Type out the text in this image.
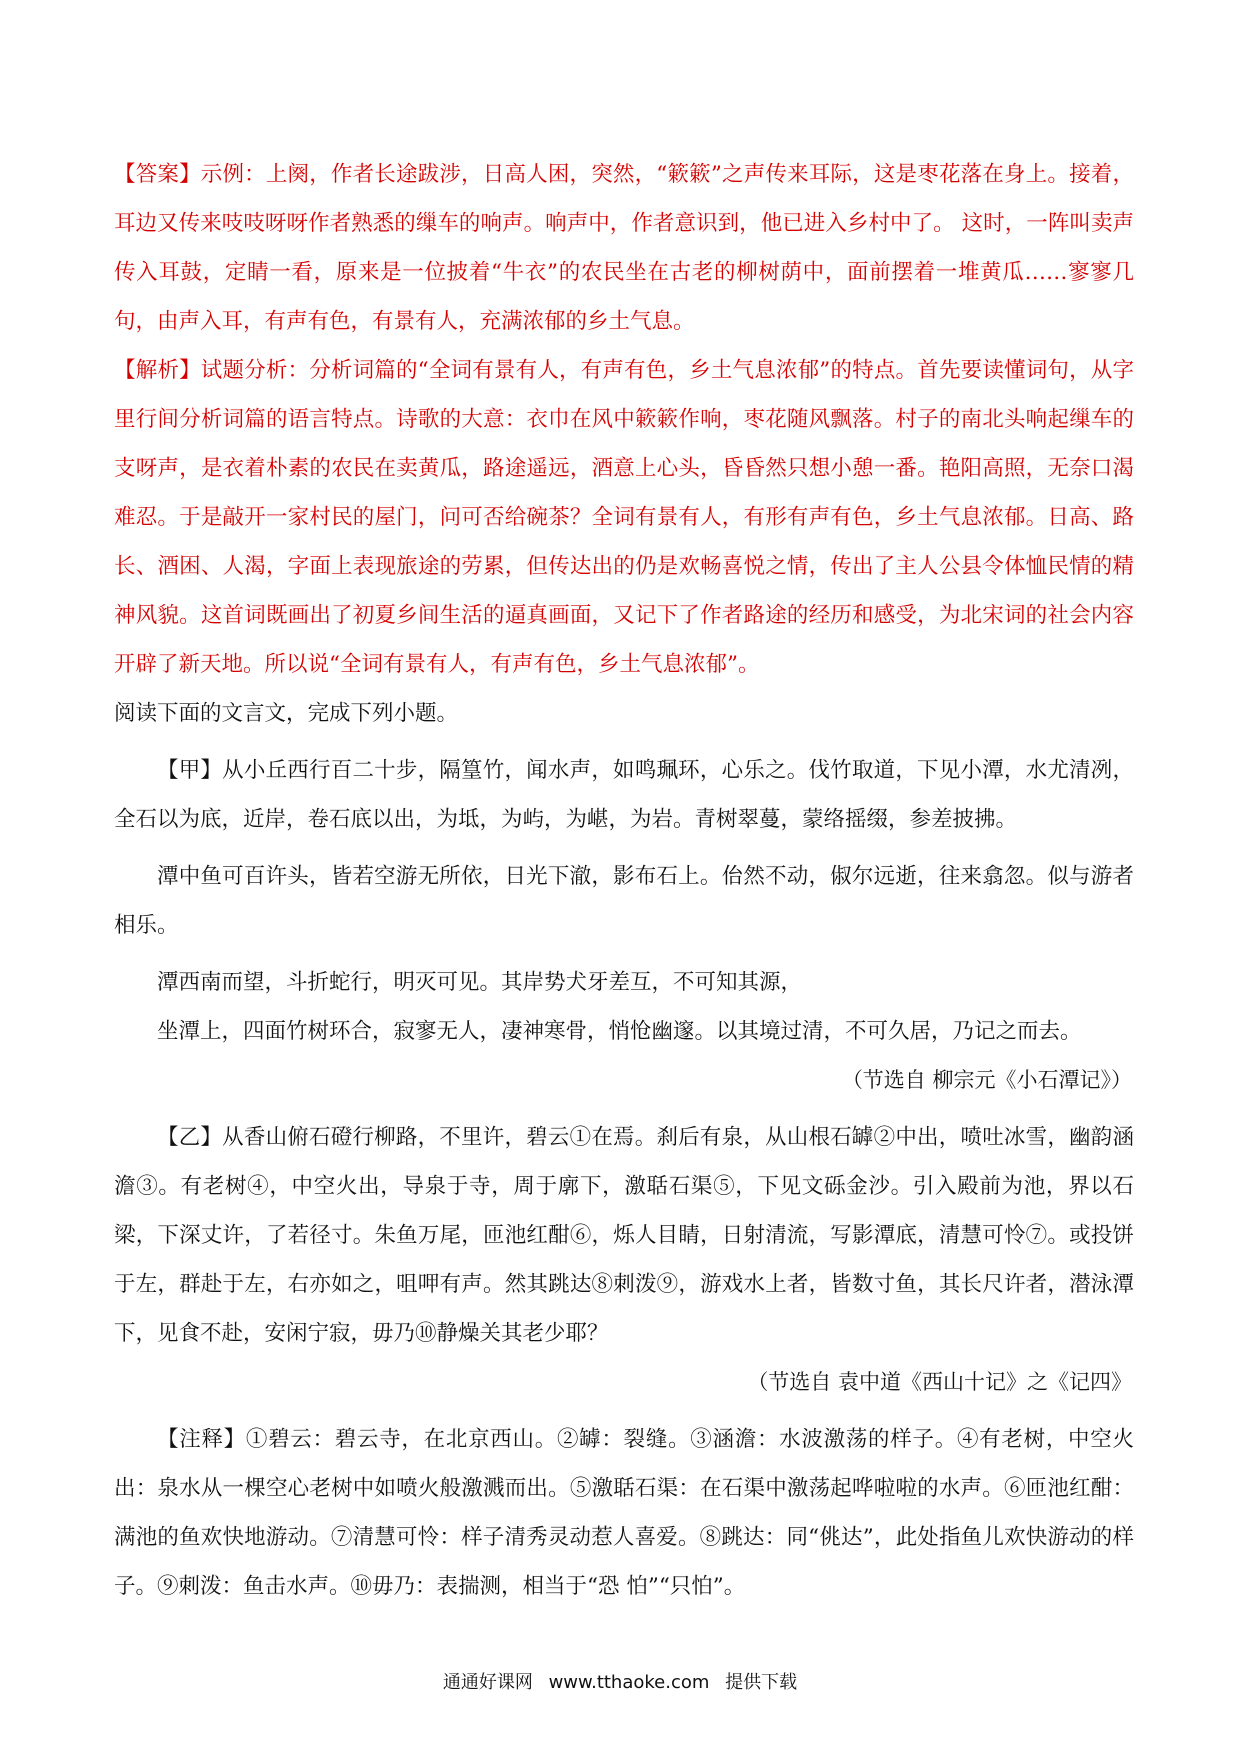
【答案】示例：上阕，作者长途跋涉，日高人困，突然，“簌簌”之声传来耳际，这是枣花落在身上。接着，耳边又传来吱吱呀呀作者熟悉的缫车的响声。响声中，作者意识到，他已进入乡村中了。 这时，一阵叫卖声传入耳鼓，定睛一看，原来是一位披着“牛衣”的农民坐在古老的柳树荫中，面前摆着一堆黄瓜……寥寥几句，由声入耳，有声有色，有景有人，充满浓郁的乡土气息。

【解析】试题分析：分析词篇的“全词有景有人，有声有色，乡土气息浓郁”的特点。首先要读懂词句，从字里行间分析词篇的语言特点。诗歌的大意：衣巾在风中簌簌作响，枣花随风飘落。村子的南北头响起缫车的支呀声，是衣着朴素的农民在卖黄瓜，路途遥远，酒意上心头，昏昏然只想小憩一番。艳阳高照，无奈口渴难忍。于是敲开一家村民的屋门，问可否给碗茶？全词有景有人，有形有声有色，乡土气息浓郁。日高、路长、酒困、人渴，字面上表现旅途的劳累，但传达出的仍是欢畅喜悦之情，传出了主人公县令体恤民情的精神风貌。这首词既画出了初夏乡间生活的逼真画面，又记下了作者路途的经历和感受，为北宋词的社会内容开辟了新天地。所以说“全词有景有人，有声有色，乡土气息浓郁”。

阅读下面的文言文，完成下列小题。

【甲】从小丘西行百二十步，隔篁竹，闻水声，如鸣珮环，心乐之。伐竹取道，下见小潭，水尤清冽，全石以为底，近岸，卷石底以出，为坻，为屿，为嵁，为岩。青树翠蔓，蒙络摇缀，参差披拂。

潭中鱼可百许头，皆若空游无所依，日光下澈，影布石上。佁然不动，俶尔远逝，往来翕忽。似与游者相乐。

潭西南而望，斗折蛇行，明灭可见。其岸势犬牙差互，不可知其源，

坐潭上，四面竹树环合，寂寥无人，凄神寒骨，悄怆幽邃。以其境过清，不可久居，乃记之而去。

（节选自 柳宗元《小石潭记》）

【乙】从香山俯石磴行柳路，不里许，碧云①在焉。刹后有泉，从山根石罅②中出，喷吐冰雪，幽韵涵澹③。有老树④，中空火出，导泉于寺，周于廓下，激聒石渠⑤，下见文砾金沙。引入殿前为池，界以石梁，下深丈许，了若径寸。朱鱼万尾，匝池红酣⑥，烁人目睛，日射清流，写影潭底，清慧可怜⑦。或投饼于左，群赴于左，右亦如之，咀呷有声。然其跳达⑧刺泼⑨，游戏水上者，皆数寸鱼，其长尺许者，潜泳潭下，见食不赴，安闲宁寂，毋乃⑩静燥关其老少耶？

（节选自 袁中道《西山十记》之《记四》

【注释】①碧云：碧云寺，在北京西山。②罅：裂缝。③涵澹：水波激荡的样子。④有老树，中空火出：泉水从一棵空心老树中如喷火般激溅而出。⑤激聒石渠：在石渠中激荡起哗啦啦的水声。⑥匝池红酣：满池的鱼欢快地游动。⑦清慧可怜：样子清秀灵动惹人喜爱。⑧跳达：同“佻达”，此处指鱼儿欢快游动的样子。⑨刺泼：鱼击水声。⑩毋乃：表揣测，相当于“恐 怕”“只怕”。

通通好课网 www.tthaoke.com 提供下载
